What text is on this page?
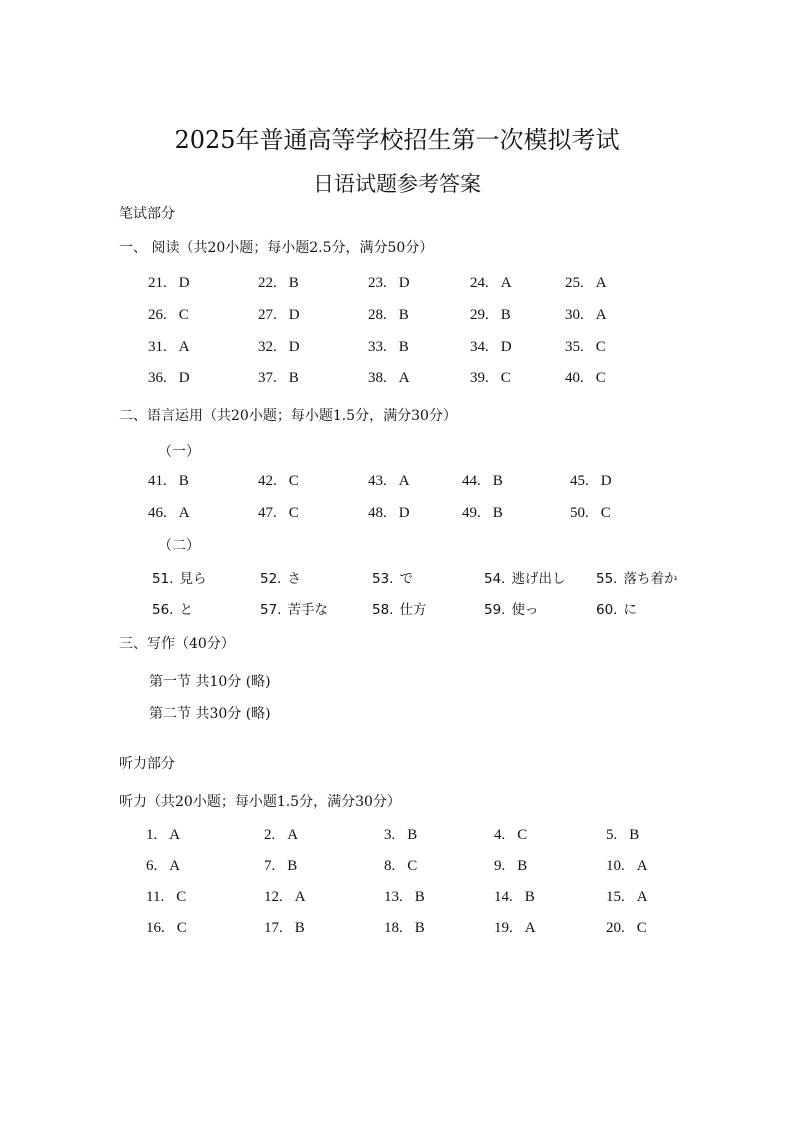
2025年普通高等学校招生第一次模拟考试
日语试题参考答案
笔试部分
一、 阅读（共20小题；每小题2.5分，满分50分）
21. D	22. B	23. D	24. A	25. A
26. C	27. D	28. B	29. B	30. A
31. A	32. D	33. B	34. D	35. C
36. D	37. B	38. A	39. C	40. C
二、语言运用（共20小题；每小题1.5分，满分30分）
（一）
41. B	42. C	43. A	44. B	45. D
46. A	47. C	48. D	49. B	50. C
（二）
51. 見ら	52. さ	53. で	54. 逃げ出し 55. 落ち着か
56. と	57. 苦手な	58. 仕方	59. 使っ	60. に
三、写作（40分）
第一节 共10分 (略)
第二节 共30分 (略)
听力部分
听力（共20小题；每小题1.5分，满分30分）
1. A	2. A	3. B	4. C	5. B
6. A	7. B	8. C	9. B	10. A
11. C	12. A	13. B	14. B	15. A
16. C	17. B	18. B	19. A	20. C
